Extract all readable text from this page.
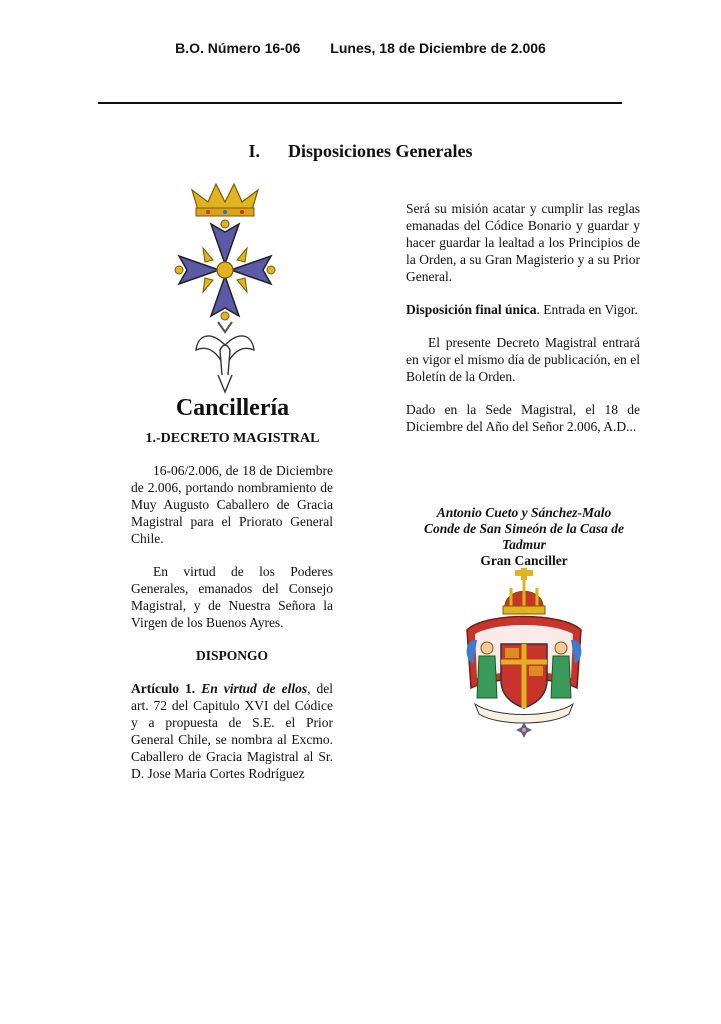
B.O. Número 16-06 Lunes, 18 de Diciembre de 2.006
I. Disposiciones Generales
Cancillería
1.-DECRETO MAGISTRAL

16-06/2.006, de 18 de Diciembre de 2.006, portando nombramiento de Muy Augusto Caballero de Gracia Magistral para el Priorato General Chile.

En virtud de los Poderes Generales, emanados del Consejo Magistral, y de Nuestra Señora la Virgen de los Buenos Ayres.

DISPONGO

Artículo 1. En virtud de ellos, del art. 72 del Capitulo XVI del Códice y a propuesta de S.E. el Prior General Chile, se nombra al Excmo. Caballero de Gracia Magistral al Sr. D. Jose Maria Cortes Rodríguez

Será su misión acatar y cumplir las reglas emanadas del Códice Bonario y guardar y hacer guardar la lealtad a los Principios de la Orden, a su Gran Magisterio y a su Prior General.

Disposición final única. Entrada en Vigor.

El presente Decreto Magistral entrará en vigor el mismo día de publicación, en el Boletín de la Orden.

Dado en la Sede Magistral, el 18 de Diciembre del Año del Señor 2.006, A.D...

Antonio Cueto y Sánchez-Malo
Conde de San Simeón de la Casa de Tadmur
Gran Canciller
